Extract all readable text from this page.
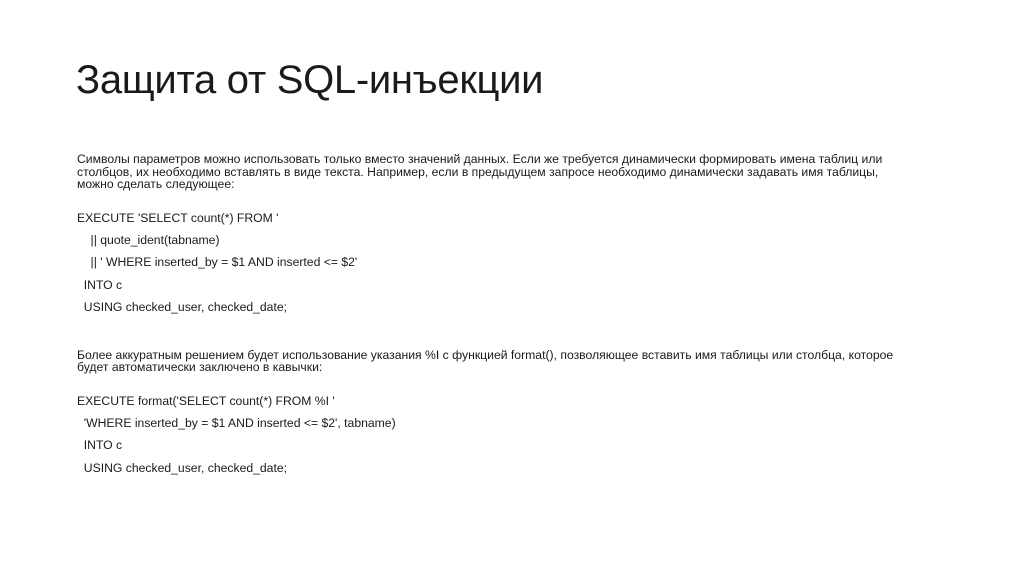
Защита от SQL-инъекции

Символы параметров можно использовать только вместо значений данных. Если же требуется динамически формировать имена таблиц или

столбцов, их необходимо вставлять в виде текста. Например, если в предыдущем запросе необходимо динамически задавать имя таблицы,

можно сделать следующее:

EXECUTE 'SELECT count(*) FROM '

|| quote_ident(tabname)

|| ' WHERE inserted_by = $1 AND inserted <= $2'

INTO c

USING checked_user, checked_date;

Более аккуратным решением будет использование указания %I с функцией format(), позволяющее вставить имя таблицы или столбца, которое

будет автоматически заключено в кавычки:

EXECUTE format('SELECT count(*) FROM %I '

'WHERE inserted_by = $1 AND inserted <= $2', tabname)

INTO c

USING checked_user, checked_date;
